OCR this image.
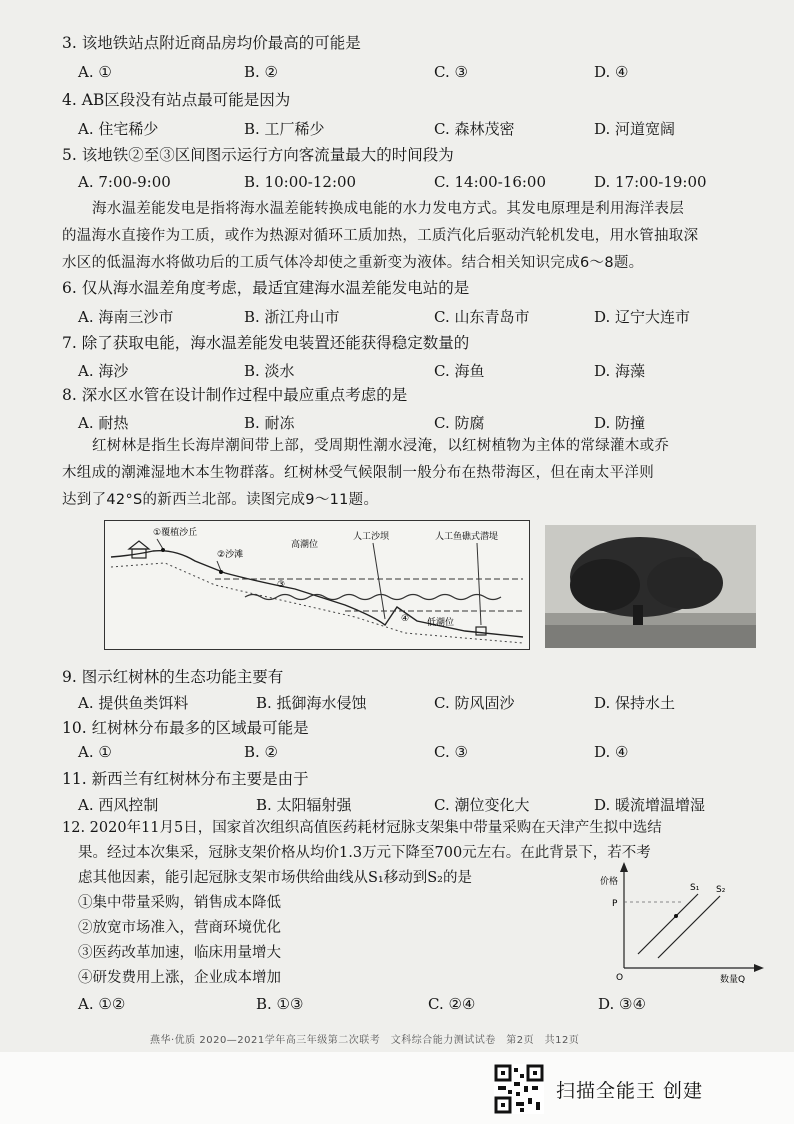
3. 该地铁站点附近商品房均价最高的可能是
A. ①	B. ②	C. ③	D. ④
4. AB区段没有站点最可能是因为
A. 住宅稀少	B. 工厂稀少	C. 森林茂密	D. 河道宽阔
5. 该地铁②至③区间图示运行方向客流量最大的时间段为
A. 7:00-9:00	B. 10:00-12:00	C. 14:00-16:00	D. 17:00-19:00
海水温差能发电是指将海水温差能转换成电能的水力发电方式。其发电原理是利用海洋表层
的温海水直接作为工质，或作为热源对循环工质加热，工质汽化后驱动汽轮机发电，用水管抽取深
水区的低温海水将做功后的工质气体冷却使之重新变为液体。结合相关知识完成6～8题。
6. 仅从海水温差角度考虑，最适宜建海水温差能发电站的是
A. 海南三沙市	B. 浙江舟山市	C. 山东青岛市	D. 辽宁大连市
7. 除了获取电能，海水温差能发电装置还能获得稳定数量的
A. 海沙	B. 淡水	C. 海鱼	D. 海藻
8. 深水区水管在设计制作过程中最应重点考虑的是
A. 耐热	B. 耐冻	C. 防腐	D. 防撞
红树林是指生长海岸潮间带上部，受周期性潮水浸淹，以红树植物为主体的常绿灌木或乔
木组成的潮滩湿地木本生物群落。红树林受气候限制一般分布在热带海区，但在南太平洋则
达到了42°S的新西兰北部。读图完成9～11题。
①覆植沙丘
②沙滩
高潮位
人工沙坝	人工鱼礁式潜堤
低潮位
③
④
9. 图示红树林的生态功能主要有
A. 提供鱼类饵料	B. 抵御海水侵蚀	C. 防风固沙	D. 保持水土
10. 红树林分布最多的区域最可能是
A. ①	B. ②	C. ③	D. ④
11. 新西兰有红树林分布主要是由于
A. 西风控制	B. 太阳辐射强	C. 潮位变化大	D. 暖流增温增湿
12. 2020年11月5日，国家首次组织高值医药耗材冠脉支架集中带量采购在天津产生拟中选结
果。经过本次集采，冠脉支架价格从均价1.3万元下降至700元左右。在此背景下，若不考
虑其他因素，能引起冠脉支架市场供给曲线从S₁移动到S₂的是
①集中带量采购，销售成本降低
②放宽市场准入，营商环境优化
③医药改革加速，临床用量增大
④研发费用上涨，企业成本增加
A. ①②	B. ①③	C. ②④	D. ③④
价格
P
S₁ S₂
O	数量Q
燕华·优质 2020—2021学年高三年级第二次联考　文科综合能力测试试卷　第2页　共12页
扫描全能王 创建
